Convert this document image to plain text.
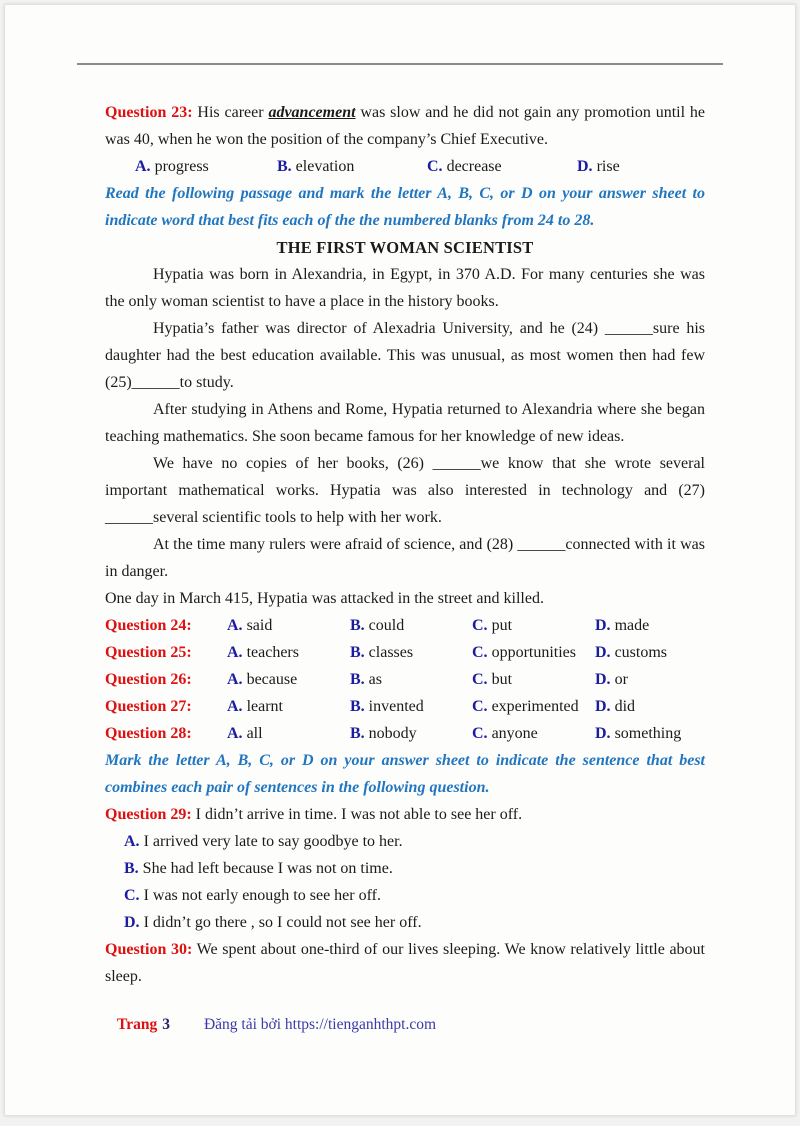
Question 23: His career advancement was slow and he did not gain any promotion until he was 40, when he won the position of the company’s Chief Executive.

A. progress	B. elevation	C. decrease	D. rise

Read the following passage and mark the letter A, B, C, or D on your answer sheet to indicate word that best fits each of the the numbered blanks from 24 to 28.

THE FIRST WOMAN SCIENTIST

Hypatia was born in Alexandria, in Egypt, in 370 A.D. For many centuries she was the only woman scientist to have a place in the history books.

Hypatia’s father was director of Alexadria University, and he (24) ______sure his daughter had the best education available. This was unusual, as most women then had few (25)______to study.

After studying in Athens and Rome, Hypatia returned to Alexandria where she began teaching mathematics. She soon became famous for her knowledge of new ideas.

We have no copies of her books, (26) ______we know that she wrote several important mathematical works. Hypatia was also interested in technology and (27) ______several scientific tools to help with her work.

At the time many rulers were afraid of science, and (28) ______connected with it was in danger.

One day in March 415, Hypatia was attacked in the street and killed.

Question 24:	A. said	B. could	C. put	D. made
Question 25:	A. teachers	B. classes	C. opportunities	D. customs
Question 26:	A. because	B. as	C. but	D. or
Question 27:	A. learnt	B. invented	C. experimented	D. did
Question 28:	A. all	B. nobody	C. anyone	D. something

Mark the letter A, B, C, or D on your answer sheet to indicate the sentence that best combines each pair of sentences in the following question.

Question 29: I didn’t arrive in time. I was not able to see her off.

A. I arrived very late to say goodbye to her.

B. She had left because I was not on time.

C. I was not early enough to see her off.

D. I didn’t go there , so I could not see her off.

Question 30: We spent about one-third of our lives sleeping. We know relatively little about sleep.

Trang 3 Đăng tải bởi https://tienganhthpt.com
